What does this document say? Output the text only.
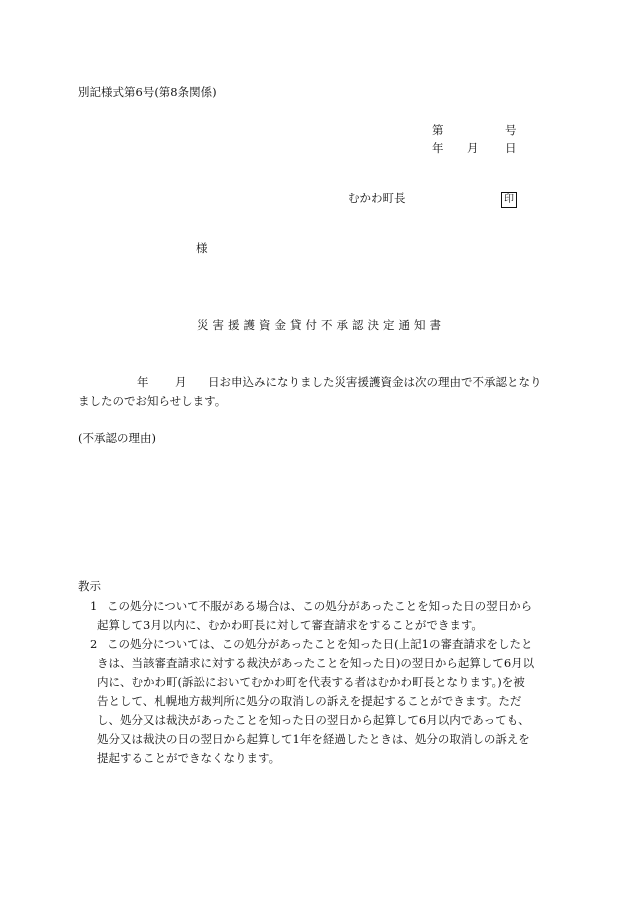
別記様式第6号(第8条関係)
第	号
年 月 日
むかわ町長	印
様
災害援護資金貸付不承認決定通知書
年 月 日お申込みになりました災害援護資金は次の理由で不承認となり
ましたのでお知らせします。
(不承認の理由)
教示
1 この処分について不服がある場合は、この処分があったことを知った日の翌日から
起算して3月以内に、むかわ町長に対して審査請求をすることができます。
2 この処分については、この処分があったことを知った日(上記1の審査請求をしたと
きは、当該審査請求に対する裁決があったことを知った日)の翌日から起算して6月以
内に、むかわ町(訴訟においてむかわ町を代表する者はむかわ町長となります。)を被
告として、札幌地方裁判所に処分の取消しの訴えを提起することができます。ただ
し、処分又は裁決があったことを知った日の翌日から起算して6月以内であっても、
処分又は裁決の日の翌日から起算して1年を経過したときは、処分の取消しの訴えを
提起することができなくなります。
